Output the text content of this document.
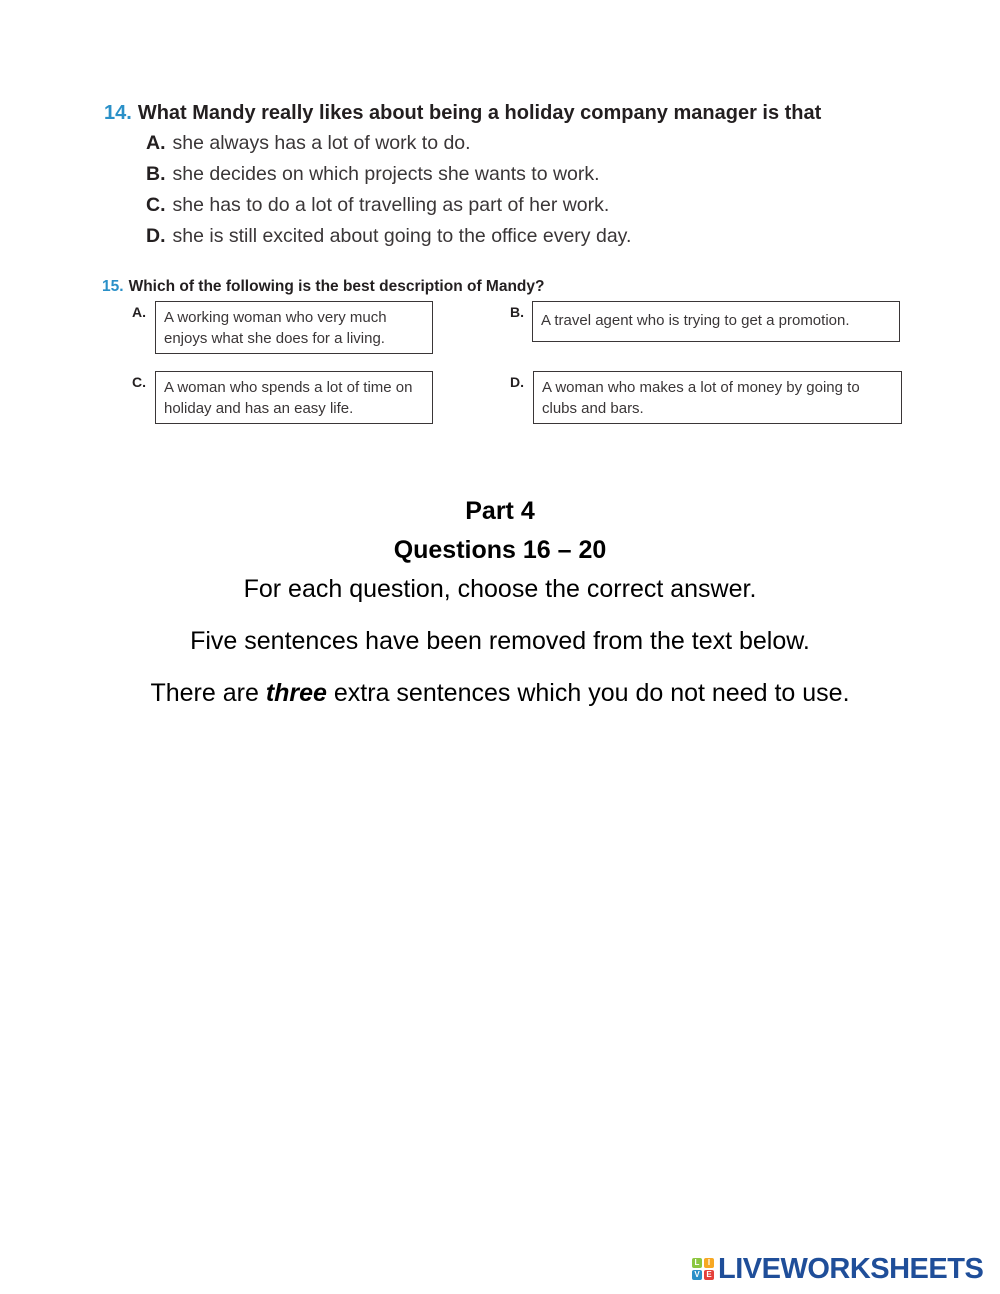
14. What Mandy really likes about being a holiday company manager is that
A. she always has a lot of work to do.
B. she decides on which projects she wants to work.
C. she has to do a lot of travelling as part of her work.
D. she is still excited about going to the office every day.
15. Which of the following is the best description of Mandy?
A.	A working woman who very much enjoys what she does for a living.
B.	A travel agent who is trying to get a promotion.
C.	A woman who spends a lot of time on holiday and has an easy life.
D.	A woman who makes a lot of money by going to clubs and bars.
Part 4
Questions 16 – 20
For each question, choose the correct answer.
Five sentences have been removed from the text below.
There are three extra sentences which you do not need to use.
L	I
V E LIVEWORKSHEETS
